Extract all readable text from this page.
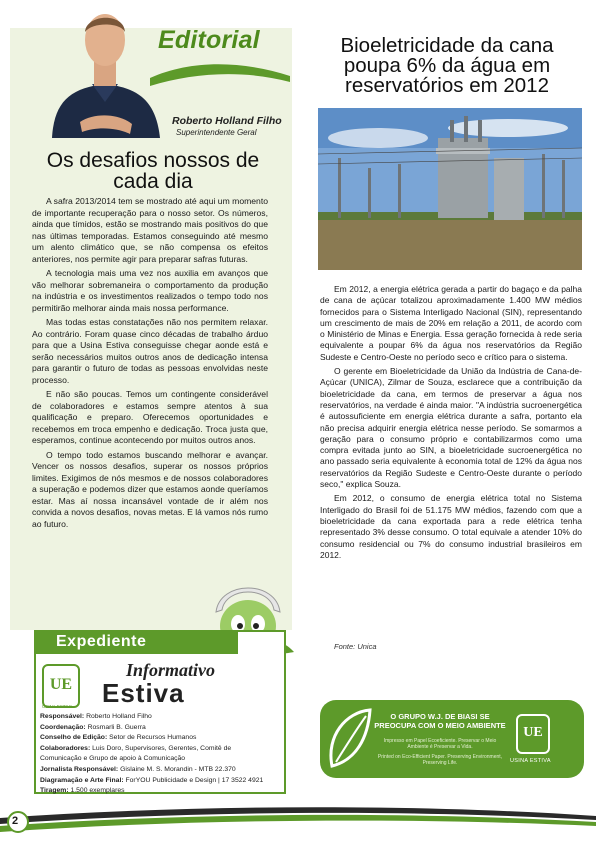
Editorial
Roberto Holland Filho
Superintendente Geral
Os desafios nossos de cada dia

A safra 2013/2014 tem se mostrado até aqui um momento de importante recuperação para o nosso setor. Os números, ainda que tímidos, estão se mostrando mais positivos do que nas últimas temporadas. Estamos conseguindo até mesmo um alento climático que, se não compensa os efeitos anteriores, nos permite agir para preparar safras futuras.

A tecnologia mais uma vez nos auxilia em avanços que vão melhorar sobremaneira o comportamento da produção na indústria e os investimentos realizados o tempo todo nos permitirão melhorar ainda mais nossa performance.

Mas todas estas constatações não nos permitem relaxar. Ao contrário. Foram quase cinco décadas de trabalho árduo para que a Usina Estiva conseguisse chegar aonde está e serão necessários muitos outros anos de dedicação intensa para garantir o futuro de todas as pessoas envolvidas neste processo.

E não são poucas. Temos um contingente considerável de colaboradores e estamos sempre atentos à sua qualificação e preparo. Oferecemos oportunidades e recebemos em troca empenho e dedicação. Troca justa que, esperamos, continue acontecendo por muitos outros anos.

O tempo todo estamos buscando melhorar e avançar. Vencer os nossos desafios, superar os nossos próprios limites. Exigimos de nós mesmos e de nossos colaboradores a superação e podemos dizer que estamos aonde queríamos estar. Mas aí nossa incansável vontade de ir além nos convida a novos desafios, novas metas. E lá vamos nós rumo ao futuro.

Expediente
UE
Informativo
Estiva
USINA ESTIVA
Responsável: Roberto Holland Filho
Coordenação: Rosmarli B. Guerra
Conselho de Edição: Setor de Recursos Humanos
Colaboradores: Luis Doro, Supervisores, Gerentes, Comitê de
Comunicação e Grupo de apoio à Comunicação
Jornalista Responsável: Gislaine M. S. Morandin - MTB 22.370
Diagramação e Arte Final: ForYOU Publicidade e Design | 17 3522 4921
Tiragem: 1.500 exemplares
Bioeletricidade da cana poupa 6% da água em reservatórios em 2012

Em 2012, a energia elétrica gerada a partir do bagaço e da palha de cana de açúcar totalizou aproximadamente 1.400 MW médios fornecidos para o Sistema Interligado Nacional (SIN), representando um crescimento de mais de 20% em relação a 2011, de acordo com o Ministério de Minas e Energia. Essa geração fornecida à rede seria equivalente a poupar 6% da água nos reservatórios da Região Sudeste e Centro-Oeste no período seco e crítico para o sistema.

O gerente em Bioeletricidade da União da Indústria de Cana-de-Açúcar (UNICA), Zilmar de Souza, esclarece que a contribuição da bioeletricidade da cana, em termos de preservar a água nos reservatórios, na verdade é ainda maior. "A indústria sucroenergética é autossuficiente em energia elétrica durante a safra, portanto ela não precisa adquirir energia elétrica nesse período. Se somarmos a geração para o consumo próprio e contabilizarmos como uma compra evitada junto ao SIN, a bioeletricidade sucroenergética no ano passado seria equivalente à economia total de 12% da água nos reservatórios da Região Sudeste e Centro-Oeste durante o período seco," explica Souza.

Em 2012, o consumo de energia elétrica total no Sistema Interligado do Brasil foi de 51.175 MW médios, fazendo com que a bioeletricidade da cana exportada para a rede elétrica tenha representado 3% desse consumo. O total equivale a atender 10% do consumo residencial ou 7% do consumo industrial brasileiros em 2012.

Fonte: Unica
O GRUPO W.J. DE BIASI SE PREOCUPA COM O MEIO AMBIENTE
Impresso em Papel Ecoeficiente. Preservar o Meio Ambiente é Preservar a Vida.
Printed on Eco-Efficient Paper. Preserving Environment, Preserving Life.
UE
USINA ESTIVA
2
